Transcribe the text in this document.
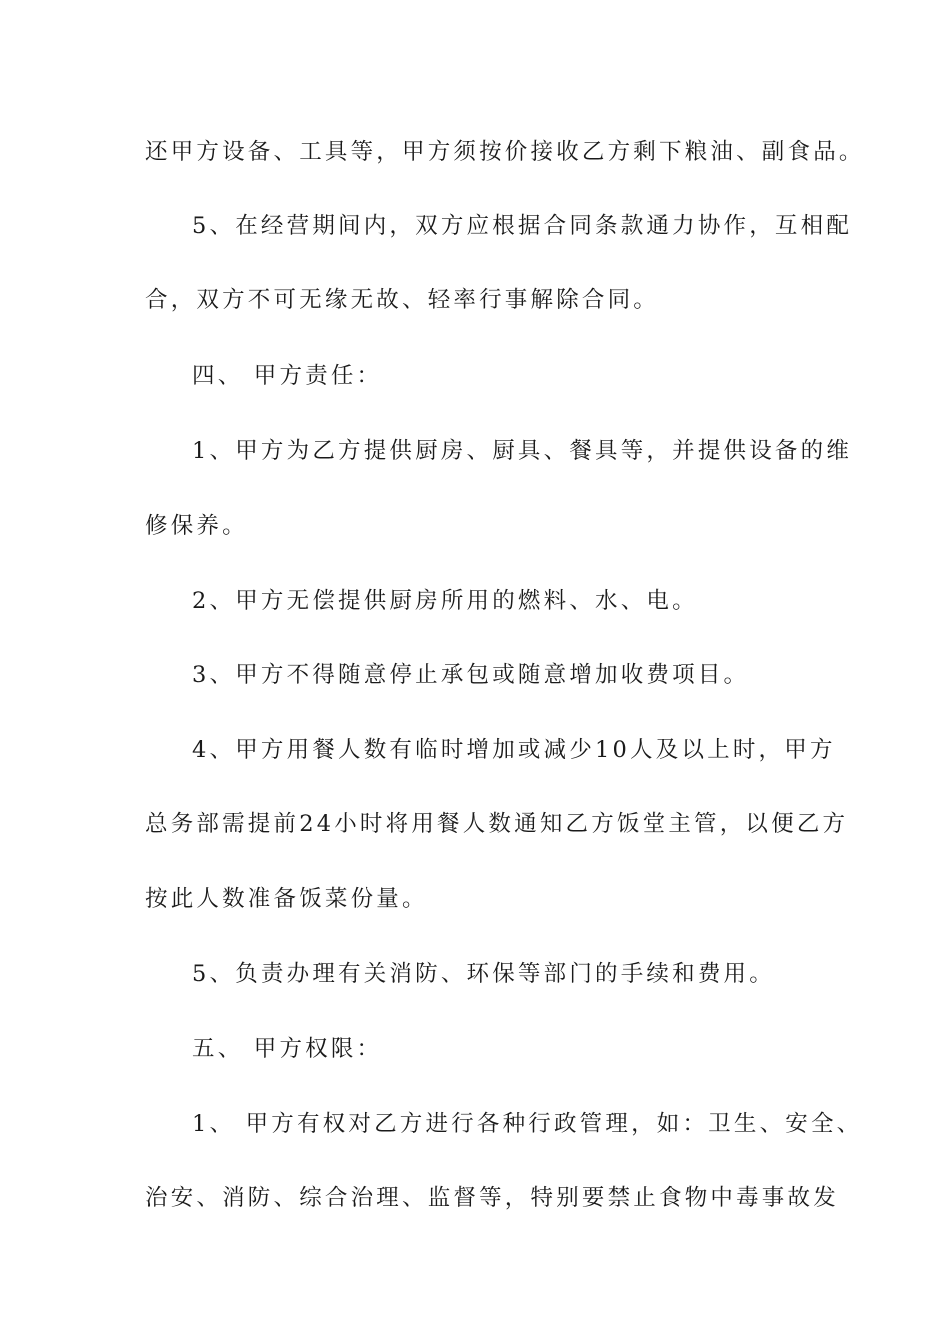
还甲方设备、工具等，甲方须按价接收乙方剩下粮油、副食品。
5、在经营期间内，双方应根据合同条款通力协作，互相配
合，双方不可无缘无故、轻率行事解除合同。
四、 甲方责任：
1、甲方为乙方提供厨房、厨具、餐具等，并提供设备的维
修保养。
2、甲方无偿提供厨房所用的燃料、水、电。
3、甲方不得随意停止承包或随意增加收费项目。
4、甲方用餐人数有临时增加或减少10人及以上时，甲方
总务部需提前24小时将用餐人数通知乙方饭堂主管，以便乙方
按此人数准备饭菜份量。
5、负责办理有关消防、环保等部门的手续和费用。
五、 甲方权限：
1、 甲方有权对乙方进行各种行政管理，如：卫生、安全、
治安、消防、综合治理、监督等，特别要禁止食物中毒事故发
